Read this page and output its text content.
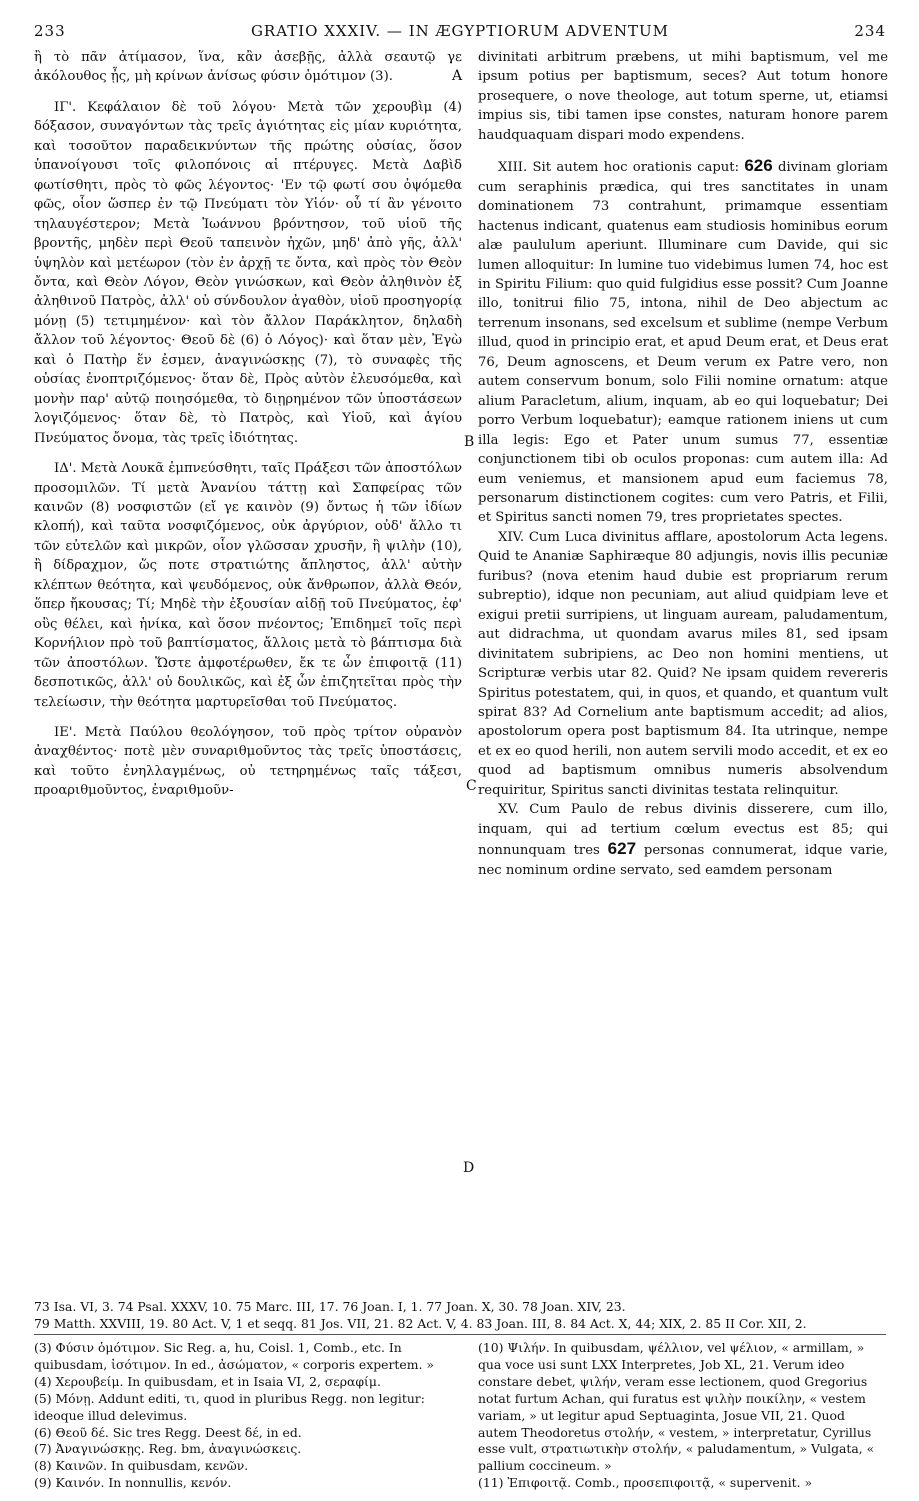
233	GRATIO XXXIV. — IN ÆGYPTIORUM ADVENTUM	234

ἢ τὸ πᾶν ἀτίμασον, ἵνα, κἂν ἀσεβῇς, ἀλλὰ σεαυτῷ γε ἀκόλουθος ᾖς, μὴ κρίνων ἀνίσως φύσιν ὁμότιμον (3).

ΙΓ'. Κεφάλαιον δὲ τοῦ λόγου· Μετὰ τῶν χερουβὶμ (4) δόξασον, συναγόντων τὰς τρεῖς ἁγιότητας εἰς μίαν κυριότητα, καὶ τοσοῦτον παραδεικνύντων τῆς πρώτης οὐσίας, ὅσον ὑπανοίγουσι τοῖς φιλοπόνοις αἱ πτέρυγες. Μετὰ Δαβὶδ φωτίσθητι, πρὸς τὸ φῶς λέγοντος· 'Εν τῷ φωτί σου ὀψόμεθα φῶς, οἷον ὥσπερ ἐν τῷ Πνεύματι τὸν Υἱόν· οὗ τί ἂν γένοιτο τηλαυγέστερον; Μετὰ Ἰωάννου βρόντησον, τοῦ υἱοῦ τῆς βροντῆς, μηδὲν περὶ Θεοῦ ταπεινὸν ἠχῶν, μηδ' ἀπὸ γῆς, ἀλλ' ὑψηλὸν καὶ μετέωρον (τὸν ἐν ἀρχῇ τε ὄντα, καὶ πρὸς τὸν Θεὸν ὄντα, καὶ Θεὸν Λόγον, Θεὸν γινώσκων, καὶ Θεὸν ἀληθινὸν ἐξ ἀληθινοῦ Πατρὸς, ἀλλ' οὐ σύνδουλον ἀγαθὸν, υἱοῦ προσηγορίᾳ μόνῃ (5) τετιμημένον· καὶ τὸν ἄλλον Παράκλητον, δηλαδὴ ἄλλον τοῦ λέγοντος· Θεοῦ δὲ (6) ὁ Λόγος)· καὶ ὅταν μὲν, Ἐγὼ καὶ ὁ Πατὴρ ἕν ἐσμεν, ἀναγινώσκῃς (7), τὸ συναφὲς τῆς οὐσίας ἐνοπτριζόμενος· ὅταν δὲ, Πρὸς αὐτὸν ἐλευσόμεθα, καὶ μονὴν παρ' αὐτῷ ποιησόμεθα, τὸ διῃρημένον τῶν ὑποστάσεων λογιζόμενος· ὅταν δὲ, τὸ Πατρὸς, καὶ Υἱοῦ, καὶ ἁγίου Πνεύματος ὄνομα, τὰς τρεῖς ἰδιότητας.

ΙΔ'. Μετὰ Λουκᾶ ἐμπνεύσθητι, ταῖς Πράξεσι τῶν ἀποστόλων προσομιλῶν. Τί μετὰ Ἀνανίου τάττῃ καὶ Σαπφείρας τῶν καινῶν (8) νοσφιστῶν (εἴ γε καινὸν (9) ὄντως ἡ τῶν ἰδίων κλοπή), καὶ ταῦτα νοσφιζόμενος, οὐκ ἀργύριον, οὐδ' ἄλλο τι τῶν εὐτελῶν καὶ μικρῶν, οἷον γλῶσσαν χρυσῆν, ἢ ψιλὴν (10), ἢ δίδραχμον, ὥς ποτε στρατιώτης ἄπληστος, ἀλλ' αὐτὴν κλέπτων θεότητα, καὶ ψευδόμενος, οὐκ ἄνθρωπον, ἀλλὰ Θεόν, ὅπερ ἤκουσας; Τί; Μηδὲ τὴν ἐξουσίαν αἰδῇ τοῦ Πνεύματος, ἐφ' οὓς θέλει, καὶ ἡνίκα, καὶ ὅσον πνέοντος; Ἐπιδημεῖ τοῖς περὶ Κορνήλιον πρὸ τοῦ βαπτίσματος, ἄλλοις μετὰ τὸ βάπτισμα διὰ τῶν ἀποστόλων. Ὥστε ἀμφοτέρωθεν, ἔκ τε ὧν ἐπιφοιτᾷ (11) δεσποτικῶς, ἀλλ' οὐ δουλικῶς, καὶ ἐξ ὧν ἐπιζητεῖται πρὸς τὴν τελείωσιν, τὴν θεότητα μαρτυρεῖσθαι τοῦ Πνεύματος.

ΙΕ'. Μετὰ Παύλου θεολόγησον, τοῦ πρὸς τρίτον οὐρανὸν ἀναχθέντος· ποτὲ μὲν συναριθμοῦντος τὰς τρεῖς ὑποστάσεις, καὶ τοῦτο ἐνηλλαγμένως, οὐ τετηρημένως ταῖς τάξεσι, προαριθμοῦντος, ἐναριθμοῦν-

A
B
C
D

divinitati arbitrum præbens, ut mihi baptismum, vel me ipsum potius per baptismum, seces? Aut totum honore prosequere, o nove theologe, aut totum sperne, ut, etiamsi impius sis, tibi tamen ipse constes, naturam honore parem haudquaquam dispari modo expendens.

XIII. Sit autem hoc orationis caput: 626 divinam gloriam cum seraphinis prædica, qui tres sanctitates in unam dominationem 73 contrahunt, primamque essentiam hactenus indicant, quatenus eam studiosis hominibus eorum alæ paululum aperiunt. Illuminare cum Davide, qui sic lumen alloquitur: In lumine tuo videbimus lumen 74, hoc est in Spiritu Filium: quo quid fulgidius esse possit? Cum Joanne illo, tonitrui filio 75, intona, nihil de Deo abjectum ac terrenum insonans, sed excelsum et sublime (nempe Verbum illud, quod in principio erat, et apud Deum erat, et Deus erat 76, Deum agnoscens, et Deum verum ex Patre vero, non autem conservum bonum, solo Filii nomine ornatum: atque alium Paracletum, alium, inquam, ab eo qui loquebatur; Dei porro Verbum loquebatur); eamque rationem iniens ut cum illa legis: Ego et Pater unum sumus 77, essentiæ conjunctionem tibi ob oculos proponas: cum autem illa: Ad eum veniemus, et mansionem apud eum faciemus 78, personarum distinctionem cogites: cum vero Patris, et Filii, et Spiritus sancti nomen 79, tres proprietates spectes.

XIV. Cum Luca divinitus afflare, apostolorum Acta legens. Quid te Ananiæ Saphiræque 80 adjungis, novis illis pecuniæ furibus? (nova etenim haud dubie est propriarum rerum subreptio), idque non pecuniam, aut aliud quidpiam leve et exigui pretii surripiens, ut linguam auream, paludamentum, aut didrachma, ut quondam avarus miles 81, sed ipsam divinitatem subripiens, ac Deo non homini mentiens, ut Scripturæ verbis utar 82. Quid? Ne ipsam quidem revereris Spiritus potestatem, qui, in quos, et quando, et quantum vult spirat 83? Ad Cornelium ante baptismum accedit; ad alios, apostolorum opera post baptismum 84. Ita utrinque, nempe et ex eo quod herili, non autem servili modo accedit, et ex eo quod ad baptismum omnibus numeris absolvendum requiritur, Spiritus sancti divinitas testata relinquitur.

XV. Cum Paulo de rebus divinis disserere, cum illo, inquam, qui ad tertium cœlum evectus est 85; qui nonnunquam tres 627 personas connumerat, idque varie, nec nominum ordine servato, sed eamdem personam

73 Isa. VI, 3. 74 Psal. XXXV, 10. 75 Marc. III, 17. 76 Joan. I, 1. 77 Joan. X, 30. 78 Joan. XIV, 23.

79 Matth. XXVIII, 19. 80 Act. V, 1 et seqq. 81 Jos. VII, 21. 82 Act. V, 4. 83 Joan. III, 8. 84 Act. X, 44; XIX, 2. 85 II Cor. XII, 2.

(3) Φύσιν ὁμότιμον. Sic Reg. a, hu, Coisl. 1, Comb., etc. In quibusdam, ἰσότιμον. In ed., ἀσώματον, « corporis expertem. »

(4) Χερουβείμ. In quibusdam, et in Isaia VI, 2, σεραφίμ.

(5) Μόνῃ. Addunt editi, τι, quod in pluribus Regg. non legitur: ideoque illud delevimus.

(6) Θεοῦ δέ. Sic tres Regg. Deest δέ, in ed.

(7) Ἀναγινώσκῃς. Reg. bm, ἀναγινώσκεις.

(8) Καινῶν. In quibusdam, κενῶν.

(9) Καινόν. In nonnullis, κενόν.

(10) Ψιλήν. In quibusdam, ψέλλιον, vel ψέλιον, « armillam, » qua voce usi sunt LXX Interpretes, Job XL, 21. Verum ideo constare debet, ψιλήν, veram esse lectionem, quod Gregorius notat furtum Achan, qui furatus est ψιλὴν ποικίλην, « vestem variam, » ut legitur apud Septuaginta, Josue VII, 21. Quod autem Theodoretus στολήν, « vestem, » interpretatur, Cyrillus esse vult, στρατιωτικὴν στολήν, « paludamentum, » Vulgata, « pallium coccineum. »

(11) Ἐπιφοιτᾷ. Comb., προσεπιφοιτᾷ, « supervenit. »
